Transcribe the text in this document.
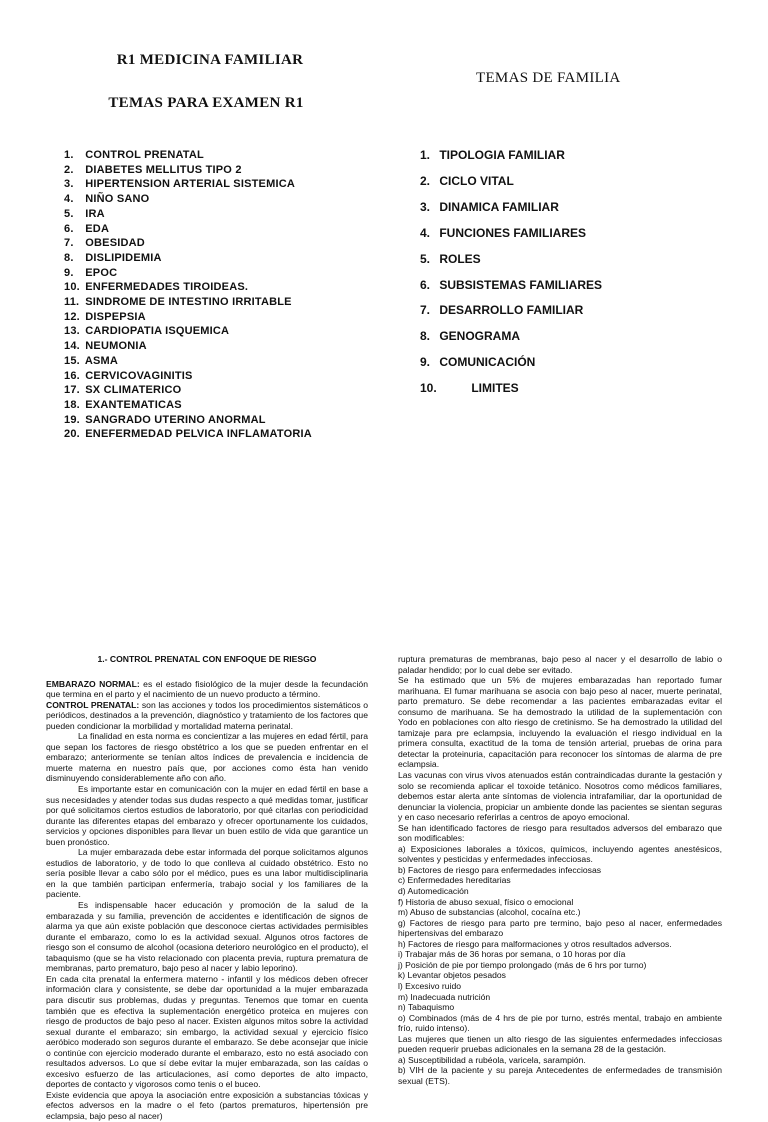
R1 MEDICINA FAMILIAR
TEMAS PARA EXAMEN R1
TEMAS DE FAMILIA
1. CONTROL PRENATAL
2. DIABETES MELLITUS TIPO 2
3. HIPERTENSION ARTERIAL SISTEMICA
4. NIÑO SANO
5. IRA
6. EDA
7. OBESIDAD
8. DISLIPIDEMIA
9. EPOC
10. ENFERMEDADES TIROIDEAS.
11. SINDROME DE INTESTINO IRRITABLE
12. DISPEPSIA
13. CARDIOPATIA ISQUEMICA
14. NEUMONIA
15. ASMA
16. CERVICOVAGINITIS
17. SX CLIMATERICO
18. EXANTEMATICAS
19. SANGRADO UTERINO ANORMAL
20. ENEFERMEDAD PELVICA INFLAMATORIA
1. TIPOLOGIA FAMILIAR
2. CICLO VITAL
3. DINAMICA FAMILIAR
4. FUNCIONES FAMILIARES
5. ROLES
6. SUBSISTEMAS FAMILIARES
7. DESARROLLO FAMILIAR
8. GENOGRAMA
9. COMUNICACIÓN
10.	LIMITES
1.- CONTROL PRENATAL CON ENFOQUE DE RIESGO

EMBARAZO NORMAL: es el estado fisiológico de la mujer desde la fecundación que termina en el parto y el nacimiento de un nuevo producto a término.

CONTROL PRENATAL: son las acciones y todos los procedimientos sistemáticos o periódicos, destinados a la prevención, diagnóstico y tratamiento de los factores que pueden condicionar la morbilidad y mortalidad materna perinatal.

La finalidad en esta norma es concientizar a las mujeres en edad fértil, para que sepan los factores de riesgo obstétrico a los que se pueden enfrentar en el embarazo; anteriormente se tenían altos índices de prevalencia e incidencia de muerte materna en nuestro país que, por acciones como ésta han venido disminuyendo considerablemente año con año.

Es importante estar en comunicación con la mujer en edad fértil en base a sus necesidades y atender todas sus dudas respecto a qué medidas tomar, justificar por qué solicitamos ciertos estudios de laboratorio, por qué citarlas con periodicidad durante las diferentes etapas del embarazo y ofrecer oportunamente los cuidados, servicios y opciones disponibles para llevar un buen estilo de vida que garantice un buen pronóstico.

La mujer embarazada debe estar informada del porque solicitamos algunos estudios de laboratorio, y de todo lo que conlleva al cuidado obstétrico. Esto no sería posible llevar a cabo sólo por el médico, pues es una labor multidisciplinaria en la que también participan enfermería, trabajo social y los familiares de la paciente.

Es indispensable hacer educación y promoción de la salud de la embarazada y su familia, prevención de accidentes e identificación de signos de alarma ya que aún existe población que desconoce ciertas actividades permisibles durante el embarazo, como lo es la actividad sexual. Algunos otros factores de riesgo son el consumo de alcohol (ocasiona deterioro neurológico en el producto), el tabaquismo (que se ha visto relacionado con placenta previa, ruptura prematura de membranas, parto prematuro, bajo peso al nacer y labio leporino).

En cada cita prenatal la enfermera materno - infantil y los médicos deben ofrecer información clara y consistente, se debe dar oportunidad a la mujer embarazada para discutir sus problemas, dudas y preguntas. Tenemos que tomar en cuenta también que es efectiva la suplementación energético proteica en mujeres con riesgo de productos de bajo peso al nacer. Existen algunos mitos sobre la actividad sexual durante el embarazo; sin embargo, la actividad sexual y ejercicio físico aeróbico moderado son seguros durante el embarazo. Se debe aconsejar que inicie o continúe con ejercicio moderado durante el embarazo, esto no está asociado con resultados adversos. Lo que sí debe evitar la mujer embarazada, son las caídas o excesivo esfuerzo de las articulaciones, así como deportes de alto impacto, deportes de contacto y vigorosos como tenis o el buceo.

Existe evidencia que apoya la asociación entre exposición a substancias tóxicas y efectos adversos en la madre o el feto (partos prematuros, hipertensión pre eclampsia, bajo peso al nacer)

ruptura prematuras de membranas, bajo peso al nacer y el desarrollo de labio o paladar hendido; por lo cual debe ser evitado.

Se ha estimado que un 5% de mujeres embarazadas han reportado fumar marihuana. El fumar marihuana se asocia con bajo peso al nacer, muerte perinatal, parto prematuro. Se debe recomendar a las pacientes embarazadas evitar el consumo de marihuana. Se ha demostrado la utilidad de la suplementación con Yodo en poblaciones con alto riesgo de cretinismo. Se ha demostrado la utilidad del tamizaje para pre eclampsia, incluyendo la evaluación el riesgo individual en la primera consulta, exactitud de la toma de tensión arterial, pruebas de orina para detectar la proteinuria, capacitación para reconocer los síntomas de alarma de pre eclampsia.

Las vacunas con virus vivos atenuados están contraindicadas durante la gestación y solo se recomienda aplicar el toxoide tetánico. Nosotros como médicos familiares, debemos estar alerta ante síntomas de violencia intrafamiliar, dar la oportunidad de denunciar la violencia, propiciar un ambiente donde las pacientes se sientan seguras y en caso necesario referirlas a centros de apoyo emocional.

Se han identificado factores de riesgo para resultados adversos del embarazo que son modificables:

a) Exposiciones laborales a tóxicos, químicos, incluyendo agentes anestésicos, solventes y pesticidas y enfermedades infecciosas.

b) Factores de riesgo para enfermedades infecciosas

c) Enfermedades hereditarias

d) Automedicación

f) Historia de abuso sexual, físico o emocional

m) Abuso de substancias (alcohol, cocaína etc.)

g) Factores de riesgo para parto pre termino, bajo peso al nacer, enfermedades hipertensivas del embarazo

h) Factores de riesgo para malformaciones y otros resultados adversos.

i) Trabajar más de 36 horas por semana, o 10 horas por día

j) Posición de pie por tiempo prolongado (más de 6 hrs por turno)

k) Levantar objetos pesados

l) Excesivo ruido

m) Inadecuada nutrición

n) Tabaquismo

o) Combinados (más de 4 hrs de pie por turno, estrés mental, trabajo en ambiente frío, ruido intenso).

Las mujeres que tienen un alto riesgo de las siguientes enfermedades infecciosas pueden requerir pruebas adicionales en la semana 28 de la gestación.

a) Susceptibilidad a rubéola, varicela, sarampión.

b) VIH de la paciente y su pareja Antecedentes de enfermedades de transmisión sexual (ETS).
